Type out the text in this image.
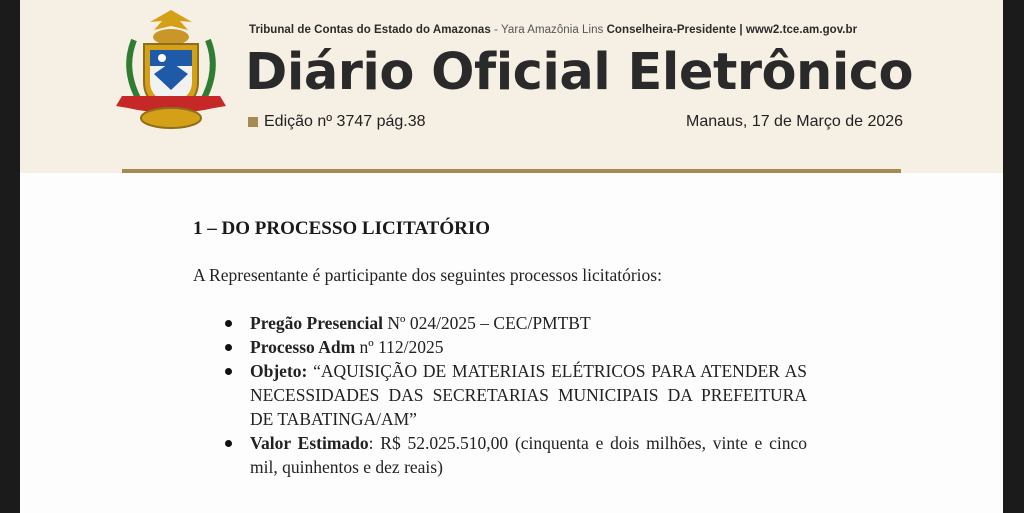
Tribunal de Contas do Estado do Amazonas - Yara Amazônia Lins Conselheira-Presidente | www2.tce.am.gov.br
Diário Oficial Eletrônico
Edição nº 3747 pág.38	Manaus, 17 de Março de 2026
1 – DO PROCESSO LICITATÓRIO
A Representante é participante dos seguintes processos licitatórios:
Pregão Presencial Nº 024/2025 – CEC/PMTBT
Processo Adm nº 112/2025
Objeto: “AQUISIÇÃO DE MATERIAIS ELÉTRICOS PARA ATENDER AS NECESSIDADES DAS SECRETARIAS MUNICIPAIS DA PREFEITURA DE TABATINGA/AM”
Valor Estimado: R$ 52.025.510,00 (cinquenta e dois milhões, vinte e cinco mil, quinhentos e dez reais)
